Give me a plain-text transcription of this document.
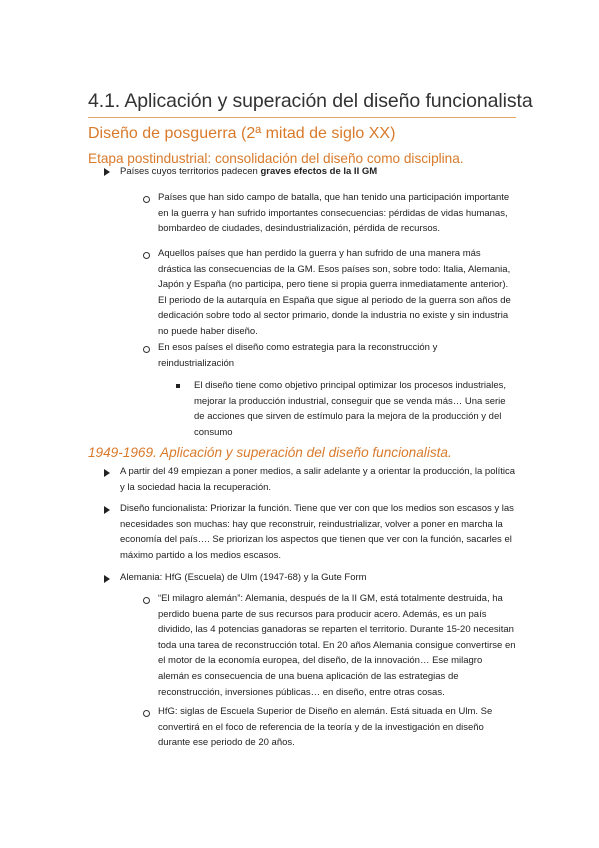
4.1. Aplicación y superación del diseño funcionalista
Diseño de posguerra (2ª mitad de siglo XX)
Etapa postindustrial: consolidación del diseño como disciplina.
Países cuyos territorios padecen graves efectos de la II GM

Países que han sido campo de batalla, que han tenido una participación importante en la guerra y han sufrido importantes consecuencias: pérdidas de vidas humanas, bombardeo de ciudades, desindustrialización, pérdida de recursos.

Aquellos países que han perdido la guerra y han sufrido de una manera más drástica las consecuencias de la GM. Esos países son, sobre todo: Italia, Alemania, Japón y España (no participa, pero tiene si propia guerra inmediatamente anterior). El periodo de la autarquía en España que sigue al periodo de la guerra son años de dedicación sobre todo al sector primario, donde la industria no existe y sin industria no puede haber diseño.

En esos países el diseño como estrategia para la reconstrucción y reindustrialización

El diseño tiene como objetivo principal optimizar los procesos industriales, mejorar la producción industrial, conseguir que se venda más… Una serie de acciones que sirven de estímulo para la mejora de la producción y del consumo

1949-1969. Aplicación y superación del diseño funcionalista.

A partir del 49 empiezan a poner medios, a salir adelante y a orientar la producción, la política y la sociedad hacia la recuperación.

Diseño funcionalista: Priorizar la función. Tiene que ver con que los medios son escasos y las necesidades son muchas: hay que reconstruir, reindustrializar, volver a poner en marcha la economía del país…. Se priorizan los aspectos que tienen que ver con la función, sacarles el máximo partido a los medios escasos.

Alemania: HfG (Escuela) de Ulm (1947-68) y la Gute Form

“El milagro alemán”: Alemania, después de la II GM, está totalmente destruida, ha perdido buena parte de sus recursos para producir acero. Además, es un país dividido, las 4 potencias ganadoras se reparten el territorio. Durante 15-20 necesitan toda una tarea de reconstrucción total. En 20 años Alemania consigue convertirse en el motor de la economía europea, del diseño, de la innovación… Ese milagro alemán es consecuencia de una buena aplicación de las estrategias de reconstrucción, inversiones públicas… en diseño, entre otras cosas.

HfG: siglas de Escuela Superior de Diseño en alemán. Está situada en Ulm. Se convertirá en el foco de referencia de la teoría y de la investigación en diseño durante ese periodo de 20 años.
